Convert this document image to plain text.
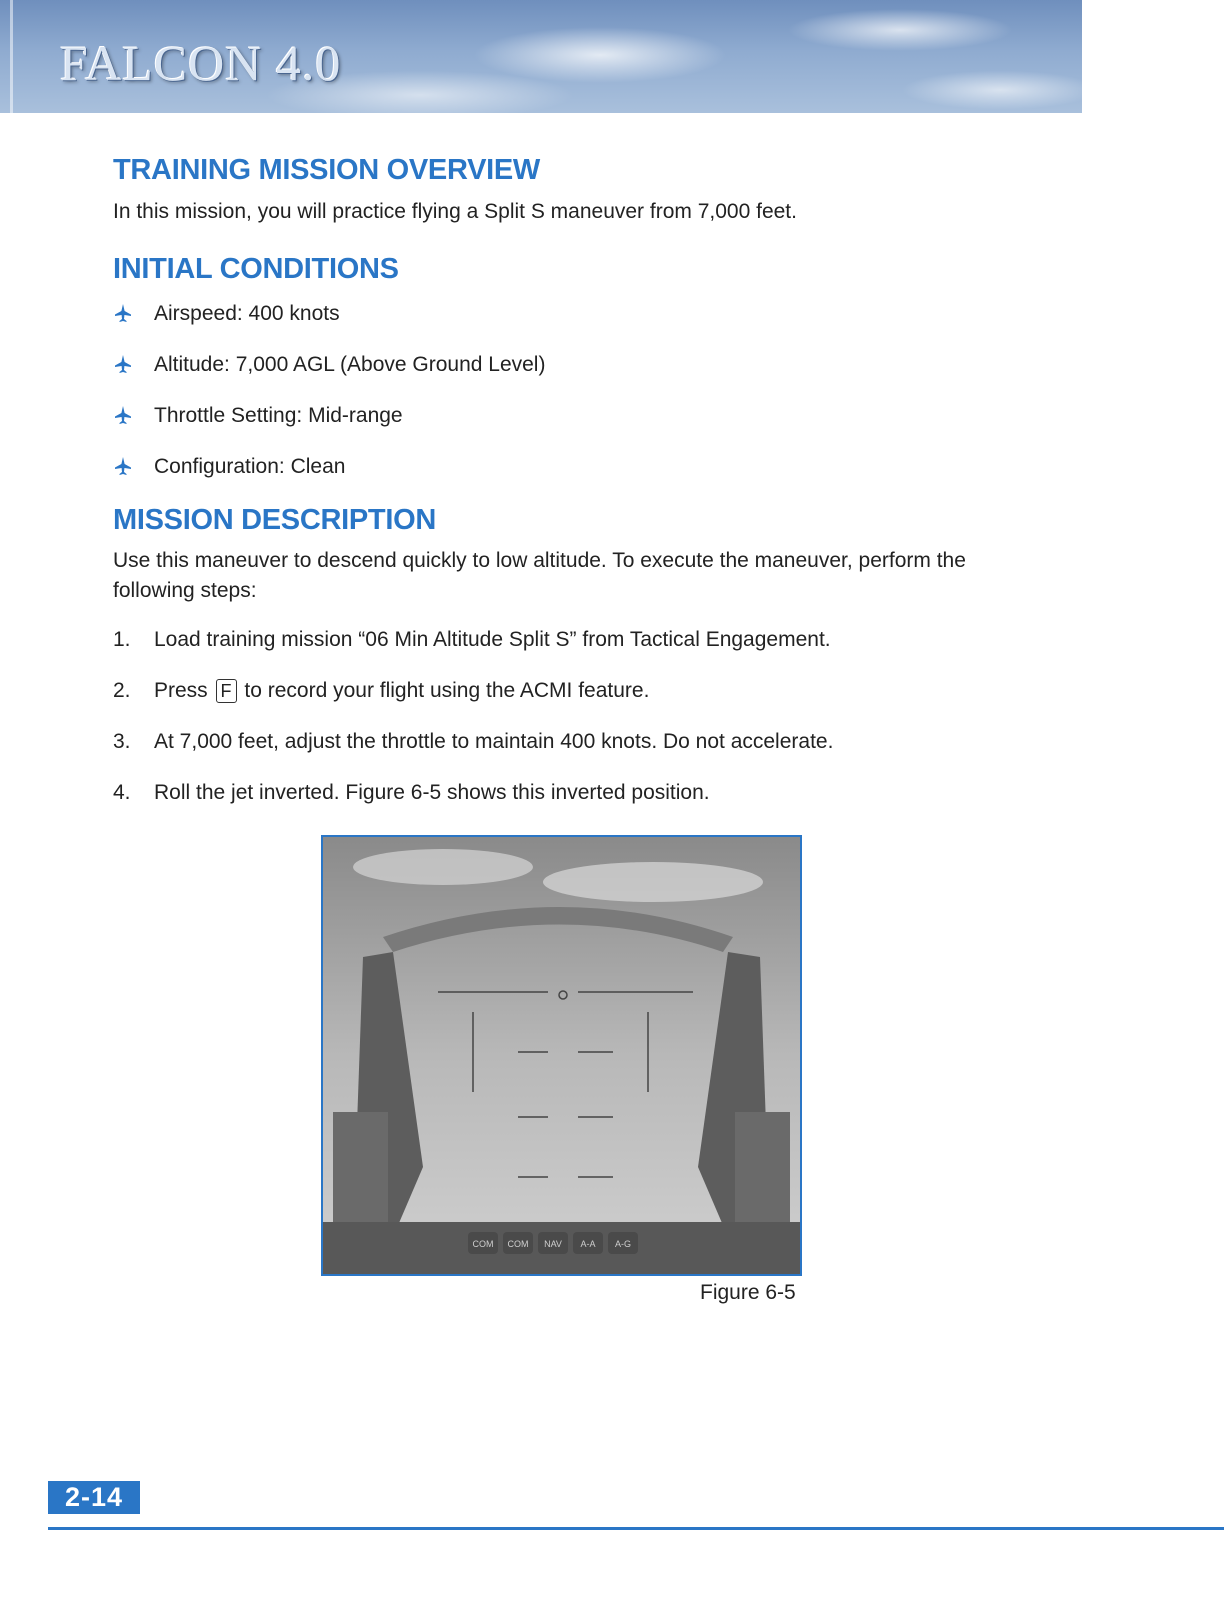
FALCON 4.0
TRAINING MISSION OVERVIEW

In this mission, you will practice flying a Split S maneuver from 7,000 feet.

INITIAL CONDITIONS
Airspeed: 400 knots
Altitude: 7,000 AGL (Above Ground Level)
Throttle Setting: Mid-range
Configuration: Clean
MISSION DESCRIPTION

Use this maneuver to descend quickly to low altitude. To execute the maneuver, perform the following steps:

1.	Load training mission “06 Min Altitude Split S” from Tactical Engagement.
2.	Press F to record your flight using the ACMI feature.
3.	At 7,000 feet, adjust the throttle to maintain 400 knots. Do not accelerate.
4.	Roll the jet inverted. Figure 6-5 shows this inverted position.
COM COM NAV A-A A-G
Figure 6-5
2-14
